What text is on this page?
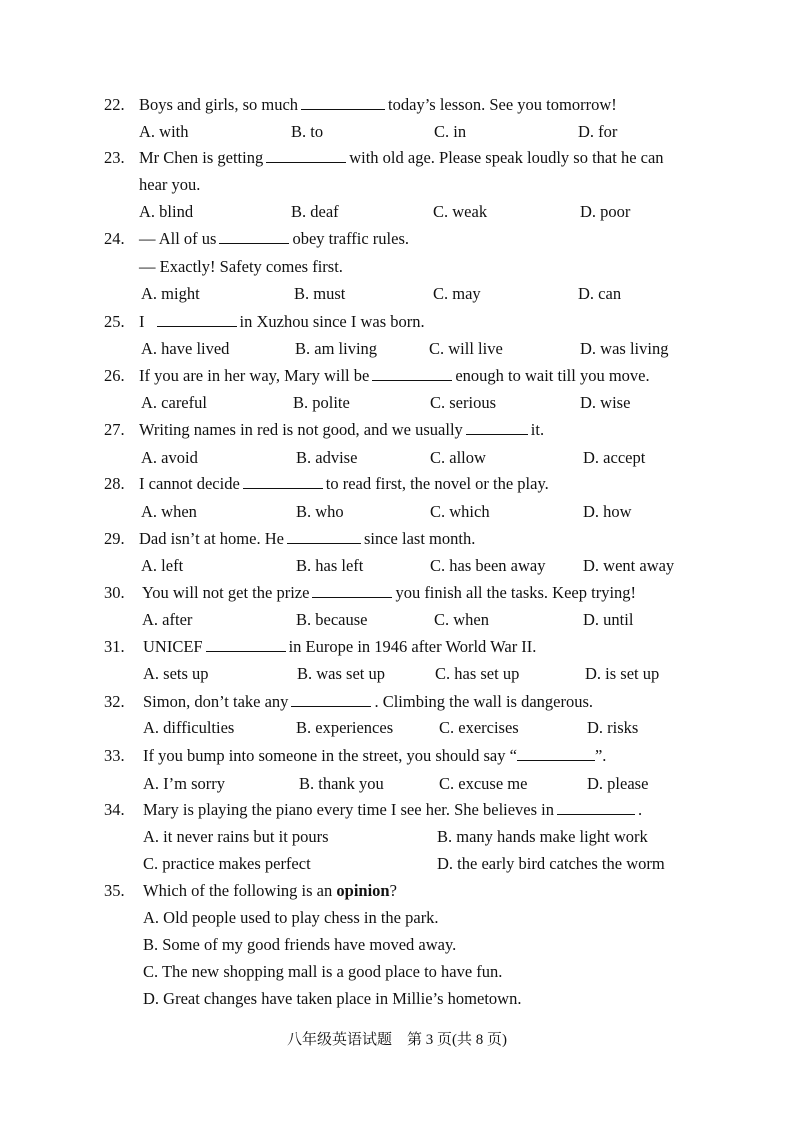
22. Boys and girls, so much	today’s lesson. See you tomorrow!
A. with	B. to	C. in	D. for
23. Mr Chen is getting	with old age. Please speak loudly so that he can
hear you.
A. blind	B. deaf	C. weak	D. poor
24. — All of us	obey traffic rules.
— Exactly! Safety comes first.
A. might	B. must	C. may	D. can
25. I	in Xuzhou since I was born.
A. have lived	B. am living	C. will live	D. was living
26. If you are in her way, Mary will be	enough to wait till you move.
A. careful	B. polite	C. serious	D. wise
27. Writing names in red is not good, and we usually	it.
A. avoid	B. advise	C. allow	D. accept
28. I cannot decide	to read first, the novel or the play.
A. when	B. who	C. which	D. how
29. Dad isn’t at home. He	since last month.
A. left	B. has left	C. has been away D. went away
30.	You will not get the prize	you finish all the tasks. Keep trying!
A. after	B. because	C. when	D. until
31.	UNICEF	in Europe in 1946 after World War II.
A. sets up	B. was set up	C. has set up	D. is set up
32.	Simon, don’t take any	. Climbing the wall is dangerous.
A. difficulties	B. experiences	C. exercises	D. risks
33.	If you bump into someone in the street, you should say “	”.
A. I’m sorry	B. thank you	C. excuse me	D. please
34.	Mary is playing the piano every time I see her. She believes in	.
A. it never rains but it pours	B. many hands make light work
C. practice makes perfect	D. the early bird catches the worm
35.	Which of the following is an opinion?
A. Old people used to play chess in the park.
B. Some of my good friends have moved away.
C. The new shopping mall is a good place to have fun.
D. Great changes have taken place in Millie’s hometown.
八年级英语试题　第 3 页(共 8 页)
